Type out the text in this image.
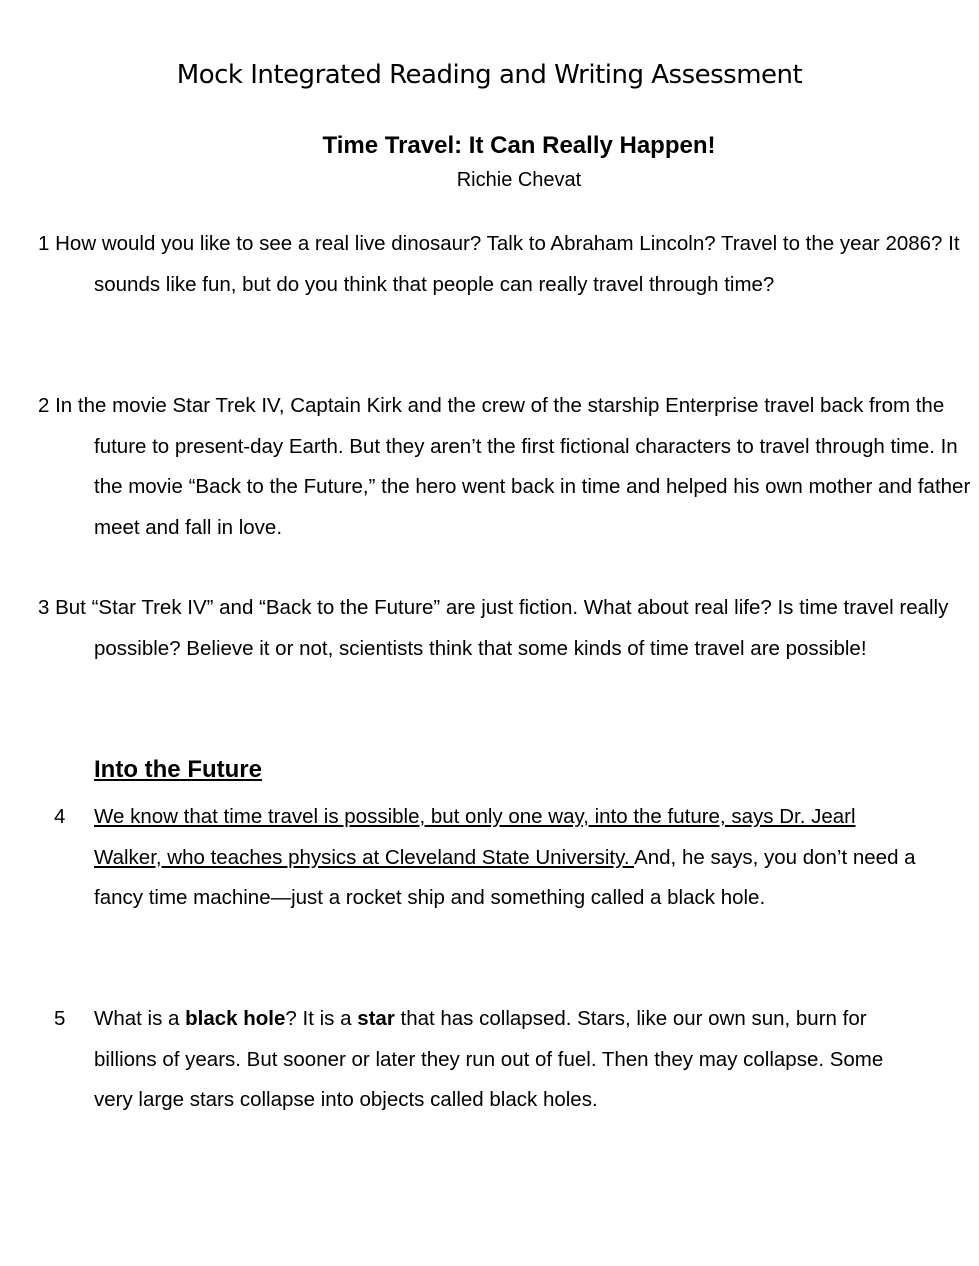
Mock Integrated Reading and Writing Assessment
Time Travel: It Can Really Happen!
Richie Chevat
1 How would you like to see a real live dinosaur? Talk to Abraham Lincoln? Travel to the year 2086? It sounds like fun, but do you think that people can really travel through time?
2 In the movie Star Trek IV, Captain Kirk and the crew of the starship Enterprise travel back from the future to present-day Earth. But they aren’t the first fictional characters to travel through time. In the movie “Back to the Future,” the hero went back in time and helped his own mother and father meet and fall in love.
3 But “Star Trek IV” and “Back to the Future” are just fiction. What about real life? Is time travel really possible? Believe it or not, scientists think that some kinds of time travel are possible!
Into the Future
4 We know that time travel is possible, but only one way, into the future, says Dr. Jearl Walker, who teaches physics at Cleveland State University. And, he says, you don’t need a fancy time machine—just a rocket ship and something called a black hole.
5 What is a black hole? It is a star that has collapsed. Stars, like our own sun, burn for billions of years. But sooner or later they run out of fuel. Then they may collapse. Some very large stars collapse into objects called black holes.
